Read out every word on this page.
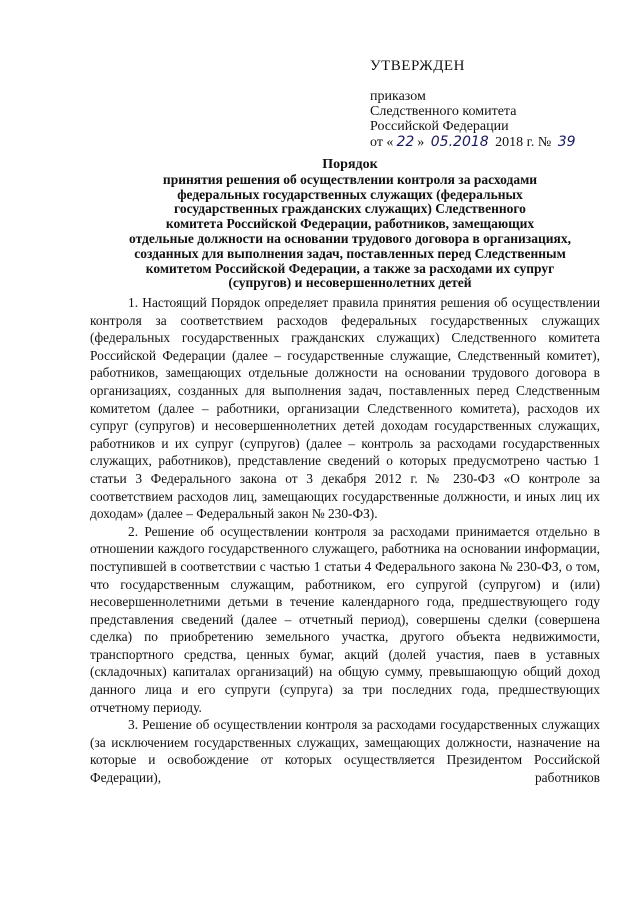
УТВЕРЖДЕН
приказом
Следственного комитета
Российской Федерации
от « 22 » 05.2018 2018 г. № 39
Порядок
принятия решения об осуществлении контроля за расходами
федеральных государственных служащих (федеральных
государственных гражданских служащих) Следственного
комитета Российской Федерации, работников, замещающих
отдельные должности на основании трудового договора в организациях,
созданных для выполнения задач, поставленных перед Следственным
комитетом Российской Федерации, а также за расходами их супруг
(супругов) и несовершеннолетних детей

1. Настоящий Порядок определяет правила принятия решения об осуществлении контроля за соответствием расходов федеральных государственных служащих (федеральных государственных гражданских служащих) Следственного комитета Российской Федерации (далее – государственные служащие, Следственный комитет), работников, замещающих отдельные должности на основании трудового договора в организациях, созданных для выполнения задач, поставленных перед Следственным комитетом (далее – работники, организации Следственного комитета), расходов их супруг (супругов) и несовершеннолетних детей доходам государственных служащих, работников и их супруг (супругов) (далее – контроль за расходами государственных служащих, работников), представление сведений о которых предусмотрено частью 1 статьи 3 Федерального закона от 3 декабря 2012 г. № 230-ФЗ «О контроле за соответствием расходов лиц, замещающих государственные должности, и иных лиц их доходам» (далее – Федеральный закон № 230-ФЗ).

2. Решение об осуществлении контроля за расходами принимается отдельно в отношении каждого государственного служащего, работника на основании информации, поступившей в соответствии с частью 1 статьи 4 Федерального закона № 230-ФЗ, о том, что государственным служащим, работником, его супругой (супругом) и (или) несовершеннолетними детьми в течение календарного года, предшествующего году представления сведений (далее – отчетный период), совершены сделки (совершена сделка) по приобретению земельного участка, другого объекта недвижимости, транспортного средства, ценных бумаг, акций (долей участия, паев в уставных (складочных) капиталах организаций) на общую сумму, превышающую общий доход данного лица и его супруги (супруга) за три последних года, предшествующих отчетному периоду.

3. Решение об осуществлении контроля за расходами государственных служащих (за исключением государственных служащих, замещающих должности, назначение на которые и освобождение от которых осуществляется Президентом Российской Федерации), работников
